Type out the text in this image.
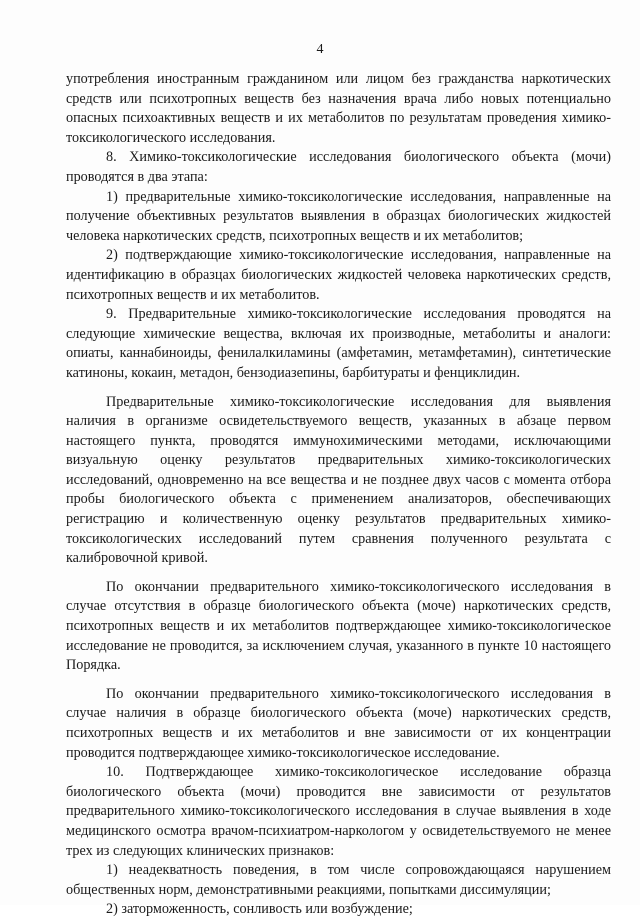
4

употребления иностранным гражданином или лицом без гражданства наркотических средств или психотропных веществ без назначения врача либо новых потенциально опасных психоактивных веществ и их метаболитов по результатам проведения химико-токсикологического исследования.

8. Химико-токсикологические исследования биологического объекта (мочи) проводятся в два этапа:

1) предварительные химико-токсикологические исследования, направленные на получение объективных результатов выявления в образцах биологических жидкостей человека наркотических средств, психотропных веществ и их метаболитов;

2) подтверждающие химико-токсикологические исследования, направленные на идентификацию в образцах биологических жидкостей человека наркотических средств, психотропных веществ и их метаболитов.

9. Предварительные химико-токсикологические исследования проводятся на следующие химические вещества, включая их производные, метаболиты и аналоги: опиаты, каннабиноиды, фенилалкиламины (амфетамин, метамфетамин), синтетические катиноны, кокаин, метадон, бензодиазепины, барбитураты и фенциклидин.

Предварительные химико-токсикологические исследования для выявления наличия в организме освидетельствуемого веществ, указанных в абзаце первом настоящего пункта, проводятся иммунохимическими методами, исключающими визуальную оценку результатов предварительных химико-токсикологических исследований, одновременно на все вещества и не позднее двух часов с момента отбора пробы биологического объекта с применением анализаторов, обеспечивающих регистрацию и количественную оценку результатов предварительных химико-токсикологических исследований путем сравнения полученного результата с калибровочной кривой.

По окончании предварительного химико-токсикологического исследования в случае отсутствия в образце биологического объекта (моче) наркотических средств, психотропных веществ и их метаболитов подтверждающее химико-токсикологическое исследование не проводится, за исключением случая, указанного в пункте 10 настоящего Порядка.

По окончании предварительного химико-токсикологического исследования в случае наличия в образце биологического объекта (моче) наркотических средств, психотропных веществ и их метаболитов и вне зависимости от их концентрации проводится подтверждающее химико-токсикологическое исследование.

10. Подтверждающее химико-токсикологическое исследование образца биологического объекта (мочи) проводится вне зависимости от результатов предварительного химико-токсикологического исследования в случае выявления в ходе медицинского осмотра врачом-психиатром-наркологом у освидетельствуемого не менее трех из следующих клинических признаков:

1) неадекватность поведения, в том числе сопровождающаяся нарушением общественных норм, демонстративными реакциями, попытками диссимуляции;

2) заторможенность, сонливость или возбуждение;
